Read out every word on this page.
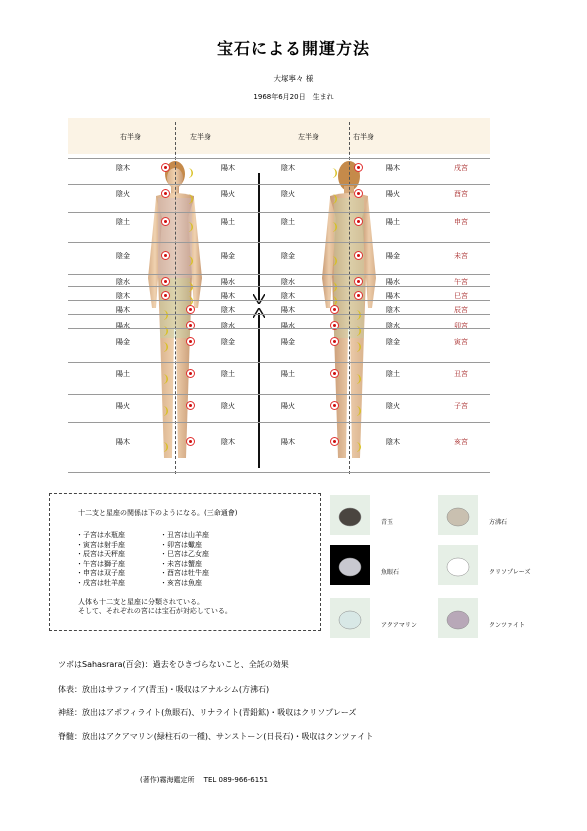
宝石による開運方法
大塚寧々 様
1968年6月20日　生まれ
右半身	左半身	左半身	右半身
陰木	陽木	陰木	陽木	戌宮
陰火	陽火	陰火	陽火	酉宮
陰土	陽土	陰土	陽土	申宮
陰金	陽金	陰金	陽金	未宮
陰水	陽水	陰水	陽水	午宮
陰木	陽木	陰木	陽木	巳宮
陽木	陰木	陽木	陰木	辰宮
陽水	陰水	陽水	陰水	卯宮
陽金	陰金	陽金	陰金	寅宮
陽土	陰土	陽土	陰土	丑宮
陽火	陰火	陽火	陰火	子宮
陽木	陰木	陽木	陰木	亥宮
十二支と星座の関係は下のようになる。(三命通會)
人体も十二支と星座に分類されている。
そして、それぞれの宮には宝石が対応している。
・子宮は水瓶座
・寅宮は射手座
・辰宮は天秤座
・午宮は獅子座
・申宮は双子座
・戌宮は牡羊座
・丑宮は山羊座
・卯宮は蠍座
・巳宮は乙女座
・未宮は蟹座
・酉宮は牡牛座
・亥宮は魚座
青玉	方沸石
魚眼石	クリソプレーズ
アクアマリン	クンツァイト
ツボはSahasrara(百会)：過去をひきづらないこと、全託の効果
体表：放出はサファイア(青玉)・吸収はアナルシム(方沸石)
神経：放出はアポフィライト(魚眼石)、リナライト(青鉛鉱)・吸収はクリソプレーズ
脊髄：放出はアクアマリン(緑柱石の一種)、サンストーン(日長石)・吸収はクンツァイト
(著作)霧海鑑定所　 TEL 089-966-6151
